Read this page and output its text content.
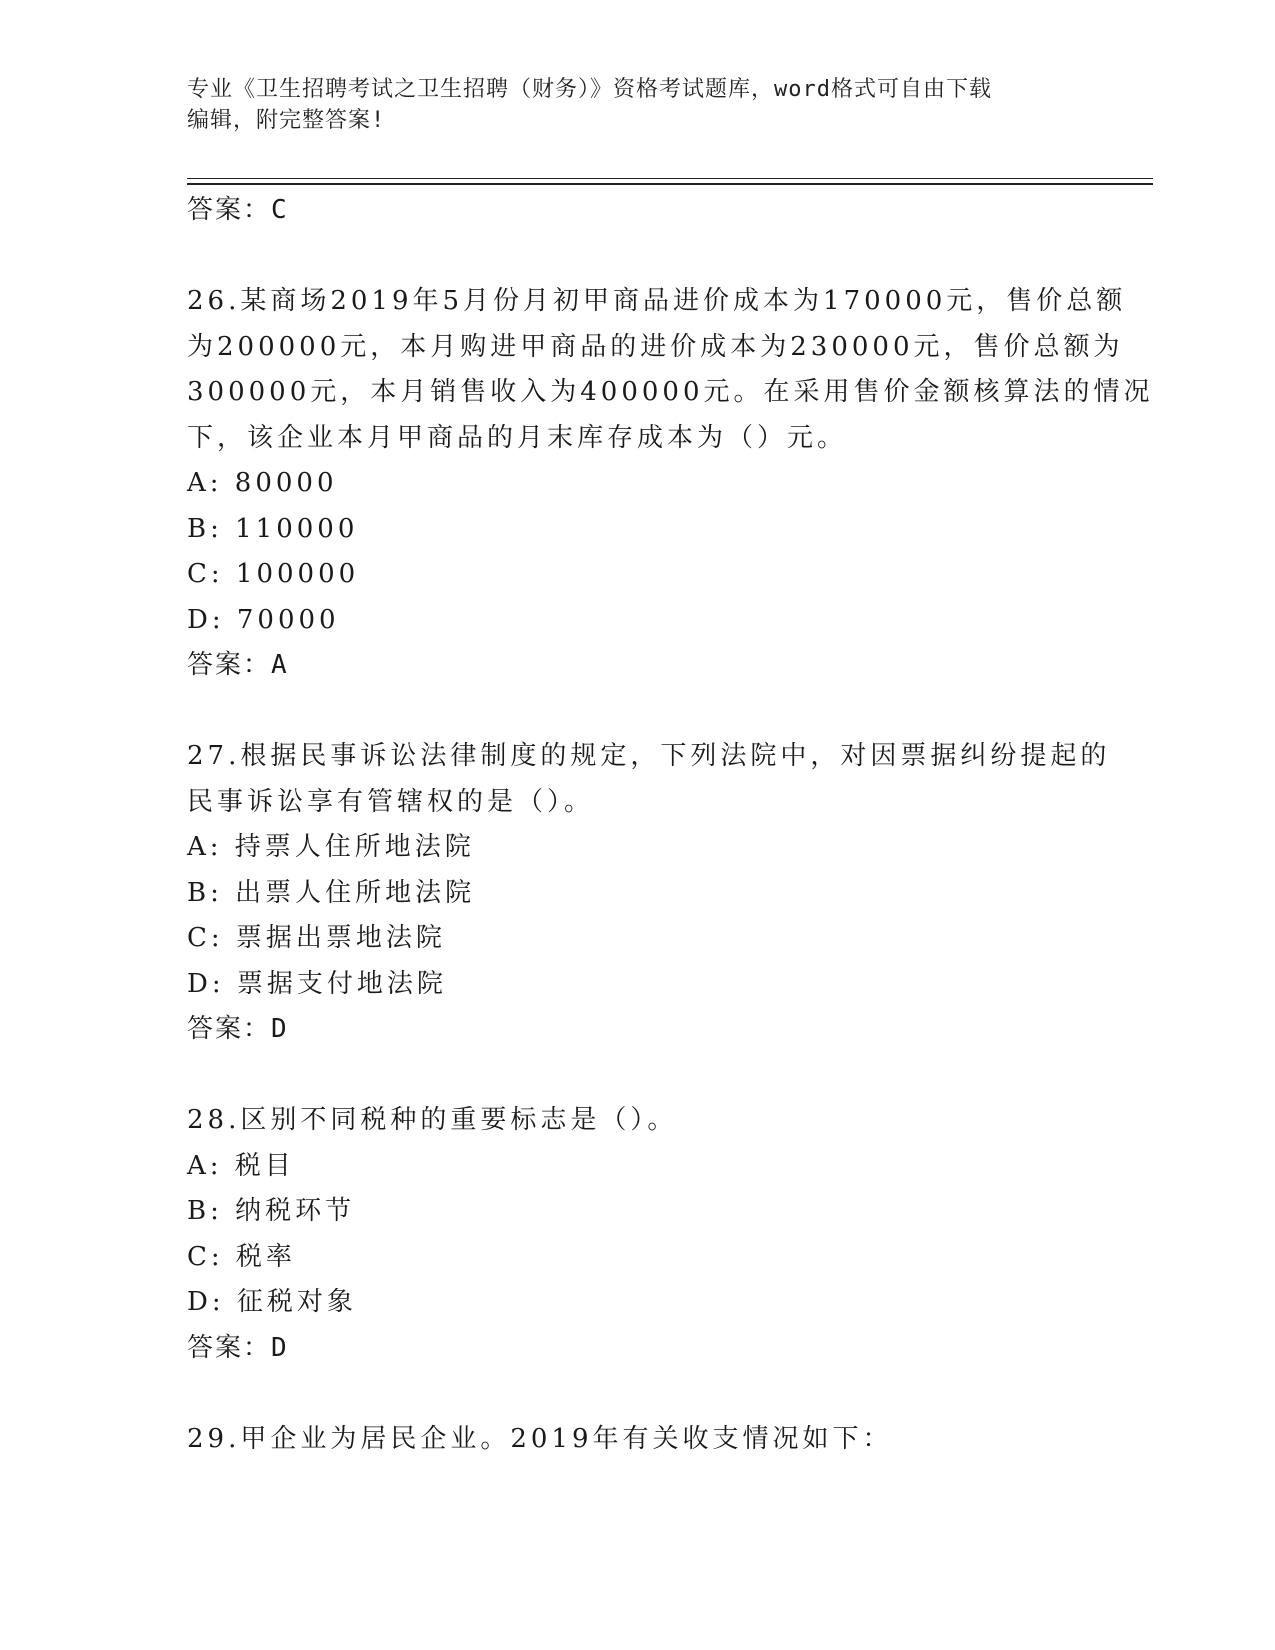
专业《卫生招聘考试之卫生招聘（财务）》资格考试题库，word格式可自由下载
编辑，附完整答案!
答案：C
26.某商场2019年5月份月初甲商品进价成本为170000元，售价总额
为200000元，本月购进甲商品的进价成本为230000元，售价总额为
300000元，本月销售收入为400000元。在采用售价金额核算法的情况
下，该企业本月甲商品的月末库存成本为（）元。
A: 80000
B: 110000
C: 100000
D: 70000
答案：A
27.根据民事诉讼法律制度的规定，下列法院中，对因票据纠纷提起的
民事诉讼享有管辖权的是（）。
A: 持票人住所地法院
B: 出票人住所地法院
C: 票据出票地法院
D: 票据支付地法院
答案：D
28.区别不同税种的重要标志是（）。
A: 税目
B: 纳税环节
C: 税率
D: 征税对象
答案：D
29.甲企业为居民企业。2019年有关收支情况如下：
